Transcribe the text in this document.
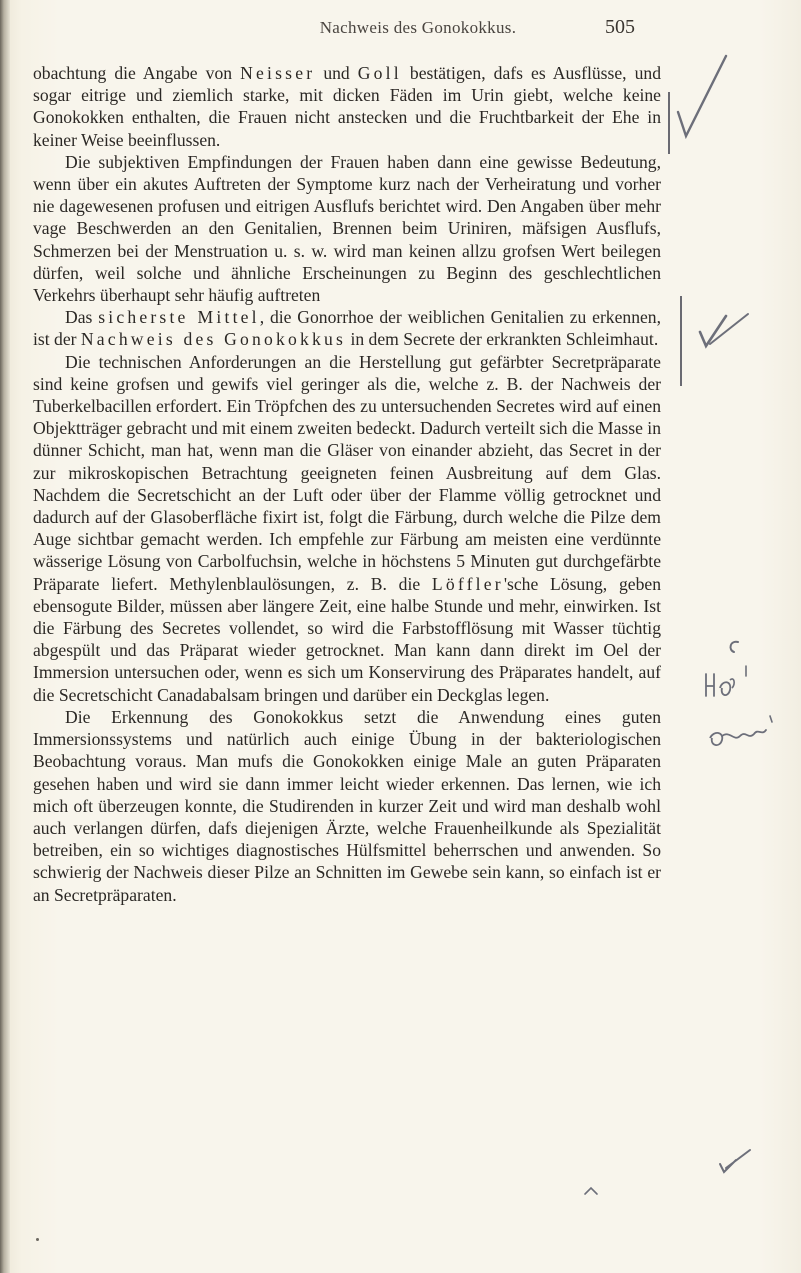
Nachweis des Gonokokkus.	505

obachtung die Angabe von Neisser und Goll bestätigen, dafs es Ausflüsse, und sogar eitrige und ziemlich starke, mit dicken Fäden im Urin giebt, welche keine Gonokokken enthalten, die Frauen nicht anstecken und die Fruchtbarkeit der Ehe in keiner Weise beeinflussen.

Die subjektiven Empfindungen der Frauen haben dann eine gewisse Bedeutung, wenn über ein akutes Auftreten der Symptome kurz nach der Verheiratung und vorher nie dagewesenen profusen und eitrigen Ausflufs berichtet wird. Den Angaben über mehr vage Beschwerden an den Genitalien, Brennen beim Uriniren, mäfsigen Ausflufs, Schmerzen bei der Menstruation u. s. w. wird man keinen allzu grofsen Wert beilegen dürfen, weil solche und ähnliche Erscheinungen zu Beginn des geschlechtlichen Verkehrs überhaupt sehr häufig auftreten

Das sicherste Mittel, die Gonorrhoe der weiblichen Genitalien zu erkennen, ist der Nachweis des Gonokokkus in dem Secrete der erkrankten Schleimhaut.

Die technischen Anforderungen an die Herstellung gut gefärbter Secretpräparate sind keine grofsen und gewifs viel geringer als die, welche z. B. der Nachweis der Tuberkelbacillen erfordert. Ein Tröpfchen des zu untersuchenden Secretes wird auf einen Objektträger gebracht und mit einem zweiten bedeckt. Dadurch verteilt sich die Masse in dünner Schicht, man hat, wenn man die Gläser von einander abzieht, das Secret in der zur mikroskopischen Betrachtung geeigneten feinen Ausbreitung auf dem Glas. Nachdem die Secretschicht an der Luft oder über der Flamme völlig getrocknet und dadurch auf der Glasoberfläche fixirt ist, folgt die Färbung, durch welche die Pilze dem Auge sichtbar gemacht werden. Ich empfehle zur Färbung am meisten eine verdünnte wässerige Lösung von Carbolfuchsin, welche in höchstens 5 Minuten gut durchgefärbte Präparate liefert. Methylenblaulösungen, z. B. die Löffler'sche Lösung, geben ebensogute Bilder, müssen aber längere Zeit, eine halbe Stunde und mehr, einwirken. Ist die Färbung des Secretes vollendet, so wird die Farbstofflösung mit Wasser tüchtig abgespült und das Präparat wieder getrocknet. Man kann dann direkt im Oel der Immersion untersuchen oder, wenn es sich um Konservirung des Präparates handelt, auf die Secretschicht Canadabalsam bringen und darüber ein Deckglas legen.

Die Erkennung des Gonokokkus setzt die Anwendung eines guten Immersionssystems und natürlich auch einige Übung in der bakteriologischen Beobachtung voraus. Man mufs die Gonokokken einige Male an guten Präparaten gesehen haben und wird sie dann immer leicht wieder erkennen. Das lernen, wie ich mich oft überzeugen konnte, die Studirenden in kurzer Zeit und wird man deshalb wohl auch verlangen dürfen, dafs diejenigen Ärzte, welche Frauenheilkunde als Spezialität betreiben, ein so wichtiges diagnostisches Hülfsmittel beherrschen und anwenden. So schwierig der Nachweis dieser Pilze an Schnitten im Gewebe sein kann, so einfach ist er an Secretpräparaten.
